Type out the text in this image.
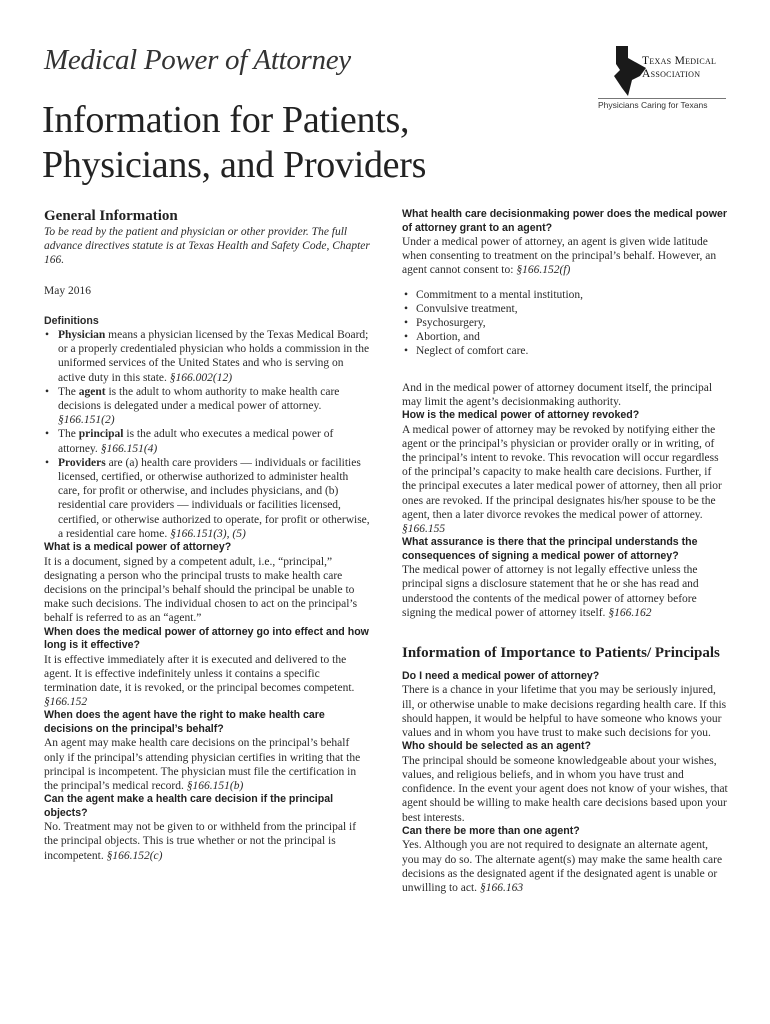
Medical Power of Attorney
Information for Patients,
Physicians, and Providers
Texas Medical
Association
Physicians Caring for Texans

General Information

To be read by the patient and physician or other provider. The full advance directives statute is at Texas Health and Safety Code, Chapter 166.

May 2016

Definitions

• Physician means a physician licensed by the Texas Medical Board; or a properly credentialed physician who holds a commission in the uniformed services of the United States and who is serving on active duty in this state. §166.002(12)
• The agent is the adult to whom authority to make health care decisions is delegated under a medical power of attorney. §166.151(2)
• The principal is the adult who executes a medical power of attorney. §166.151(4)
• Providers are (a) health care providers — individuals or facilities licensed, certified, or otherwise authorized to administer health care, for profit or otherwise, and includes physicians, and (b) residential care providers — individuals or facilities licensed, certified, or otherwise authorized to operate, for profit or otherwise, a residential care home. §166.151(3), (5)

What is a medical power of attorney?

It is a document, signed by a competent adult, i.e., “principal,” designating a person who the principal trusts to make health care decisions on the principal’s behalf should the principal be unable to make such decisions. The individual chosen to act on the principal’s behalf is referred to as an “agent.”

When does the medical power of attorney go into effect and how long is it effective?

It is effective immediately after it is executed and delivered to the agent. It is effective indefinitely unless it contains a specific termination date, it is revoked, or the principal becomes competent. §166.152

When does the agent have the right to make health care decisions on the principal’s behalf?

An agent may make health care decisions on the principal’s behalf only if the principal’s attending physician certifies in writing that the principal is incompetent. The physician must file the certification in the principal’s medical record. §166.151(b)

Can the agent make a health care decision if the principal objects?

No. Treatment may not be given to or withheld from the principal if the principal objects. This is true whether or not the principal is incompetent. §166.152(c)

What health care decisionmaking power does the medical power of attorney grant to an agent?

Under a medical power of attorney, an agent is given wide latitude when consenting to treatment on the principal’s behalf. However, an agent cannot consent to: §166.152(f)

• Commitment to a mental institution,
• Convulsive treatment,
• Psychosurgery,
• Abortion, and
• Neglect of comfort care.

And in the medical power of attorney document itself, the principal may limit the agent’s decisionmaking authority.

How is the medical power of attorney revoked?

A medical power of attorney may be revoked by notifying either the agent or the principal’s physician or provider orally or in writing, of the principal’s intent to revoke. This revocation will occur regardless of the principal’s capacity to make health care decisions. Further, if the principal executes a later medical power of attorney, then all prior ones are revoked. If the principal designates his/her spouse to be the agent, then a later divorce revokes the medical power of attorney. §166.155

What assurance is there that the principal understands the consequences of signing a medical power of attorney?

The medical power of attorney is not legally effective unless the principal signs a disclosure statement that he or she has read and understood the contents of the medical power of attorney before signing the medical power of attorney itself. §166.162

Information of Importance to Patients/ Principals

Do I need a medical power of attorney?

There is a chance in your lifetime that you may be seriously injured, ill, or otherwise unable to make decisions regarding health care. If this should happen, it would be helpful to have someone who knows your values and in whom you have trust to make such decisions for you.

Who should be selected as an agent?

The principal should be someone knowledgeable about your wishes, values, and religious beliefs, and in whom you have trust and confidence. In the event your agent does not know of your wishes, that agent should be willing to make health care decisions based upon your best interests.

Can there be more than one agent?

Yes. Although you are not required to designate an alternate agent, you may do so. The alternate agent(s) may make the same health care decisions as the designated agent if the designated agent is unable or unwilling to act. §166.163
